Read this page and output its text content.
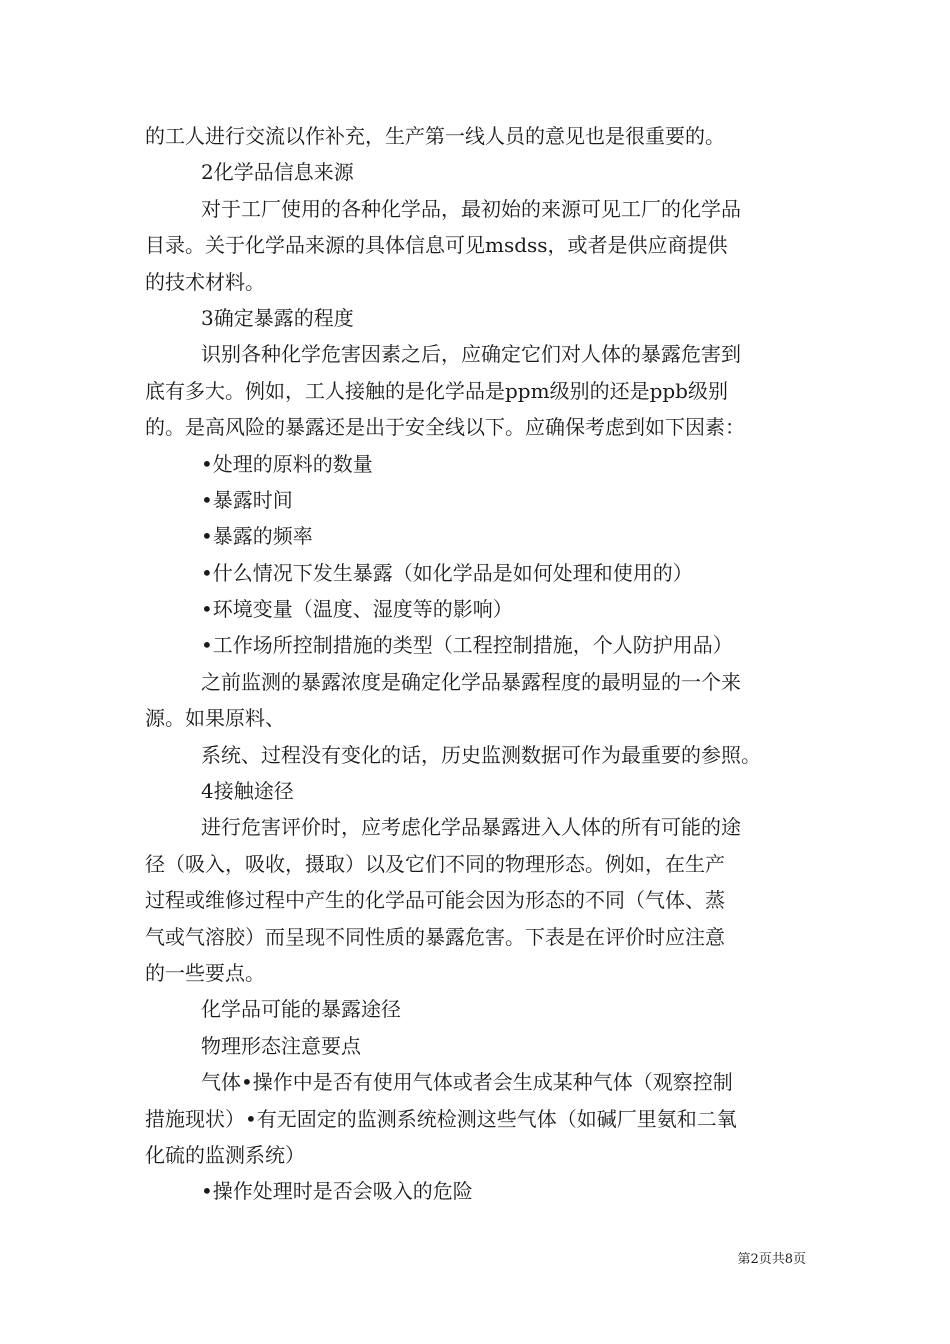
的工人进行交流以作补充，生产第一线人员的意见也是很重要的。
2化学品信息来源
对于工厂使用的各种化学品，最初始的来源可见工厂的化学品
目录。关于化学品来源的具体信息可见msdss，或者是供应商提供
的技术材料。
3确定暴露的程度
识别各种化学危害因素之后，应确定它们对人体的暴露危害到
底有多大。例如，工人接触的是化学品是ppm级别的还是ppb级别
的。是高风险的暴露还是出于安全线以下。应确保考虑到如下因素：
•处理的原料的数量
•暴露时间
•暴露的频率
•什么情况下发生暴露（如化学品是如何处理和使用的）
•环境变量（温度、湿度等的影响）
•工作场所控制措施的类型（工程控制措施，个人防护用品）
之前监测的暴露浓度是确定化学品暴露程度的最明显的一个来
源。如果原料、
系统、过程没有变化的话，历史监测数据可作为最重要的参照。
4接触途径
进行危害评价时，应考虑化学品暴露进入人体的所有可能的途
径（吸入，吸收，摄取）以及它们不同的物理形态。例如，在生产
过程或维修过程中产生的化学品可能会因为形态的不同（气体、蒸
气或气溶胶）而呈现不同性质的暴露危害。下表是在评价时应注意
的一些要点。
化学品可能的暴露途径
物理形态注意要点
气体•操作中是否有使用气体或者会生成某种气体（观察控制
措施现状）•有无固定的监测系统检测这些气体（如碱厂里氨和二氧
化硫的监测系统）
•操作处理时是否会吸入的危险
第2页共8页
